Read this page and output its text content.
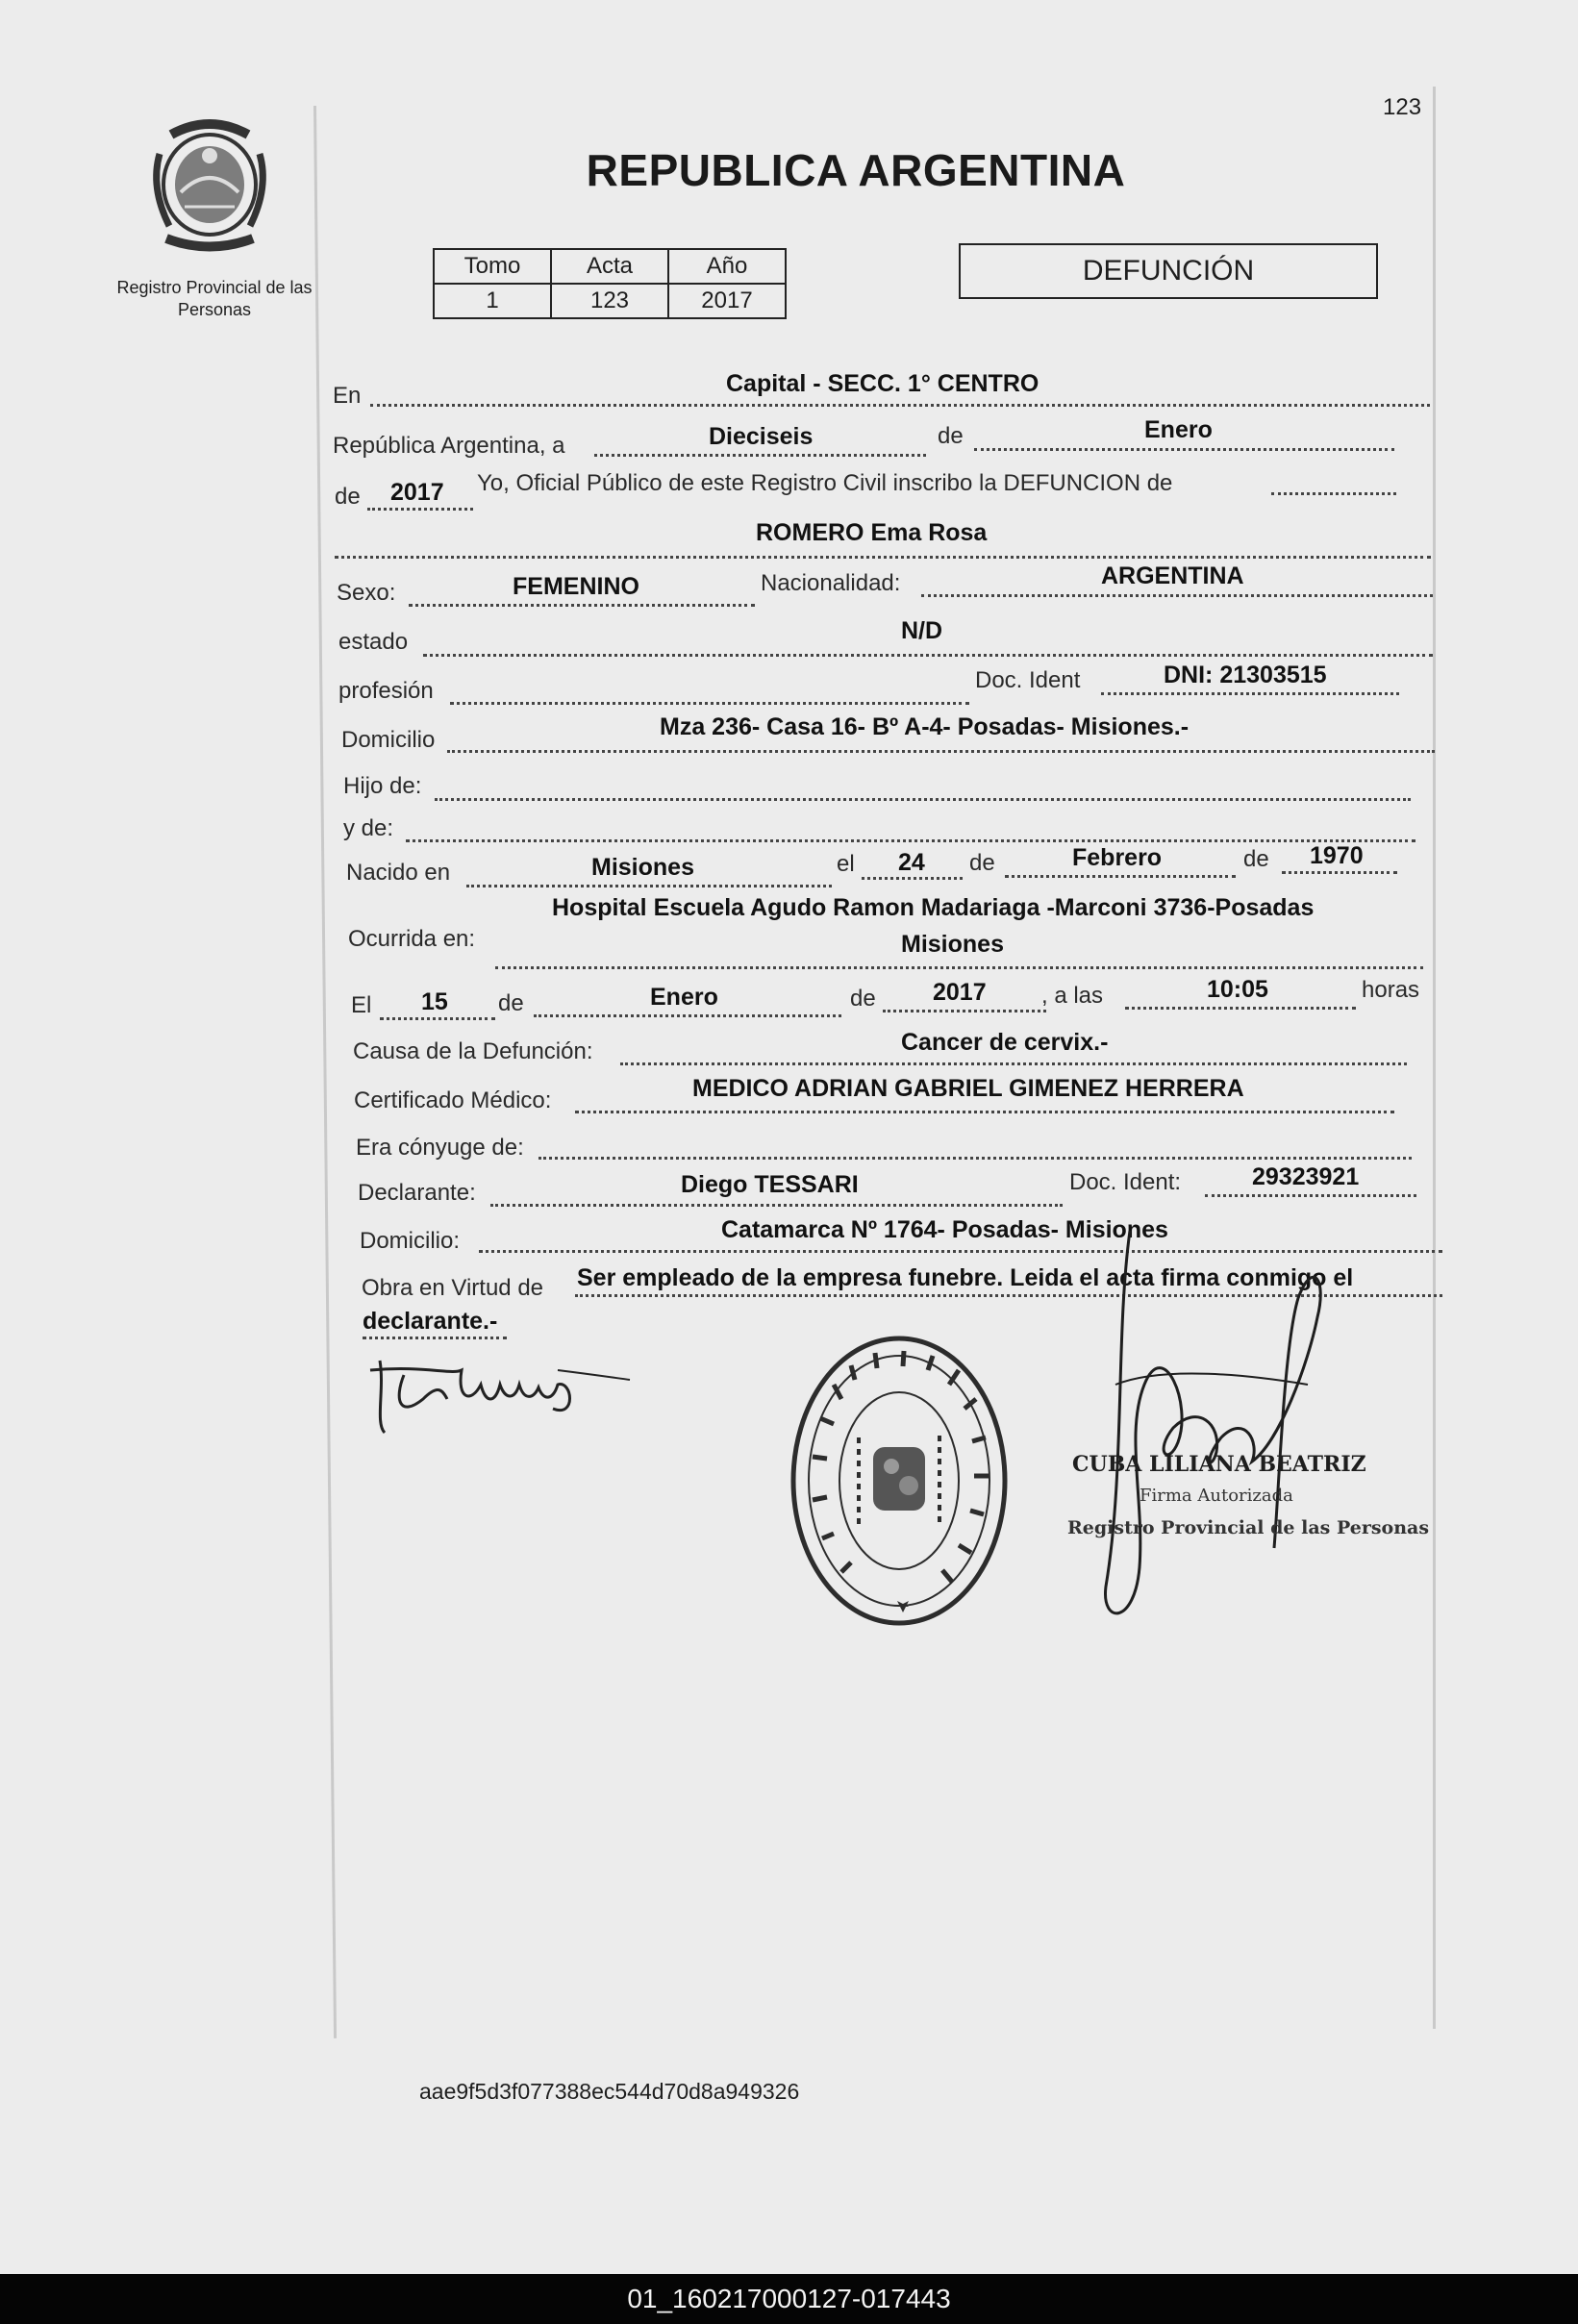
123
Registro Provincial de las Personas
REPUBLICA ARGENTINA
Tomo	Acta	Año
1	123	2017
DEFUNCIÓN
En	Capital - SECC. 1° CENTRO
República Argentina, a	Dieciseis	de	Enero
de 2017 Yo, Oficial Público de este Registro Civil inscribo la DEFUNCION de
ROMERO Ema Rosa
Sexo:	FEMENINO	Nacionalidad:	ARGENTINA
estado	N/D
profesión	Doc. Ident	DNI: 21303515
Domicilio	Mza 236- Casa 16- Bº A-4- Posadas- Misiones.-
Hijo de:
y de:
Nacido en	Misiones	el 24 de	Febrero	de 1970
Hospital Escuela Agudo Ramon Madariaga -Marconi 3736-Posadas
Ocurrida en:	Misiones
El 15 de	Enero	de 2017 , a las	10:05	horas
Causa de la Defunción:	Cancer de cervix.-
Certificado Médico:	MEDICO ADRIAN GABRIEL GIMENEZ HERRERA
Era cónyuge de:
Declarante:	Diego TESSARI	Doc. Ident:	29323921
Domicilio:	Catamarca Nº 1764- Posadas- Misiones
Obra en Virtud de Ser empleado de la empresa funebre. Leida el acta firma conmigo el
declarante.-
CUBA LILIANA BEATRIZ
Firma Autorizada
Registro Provincial de las Personas
aae9f5d3f077388ec544d70d8a949326
01_160217000127-017443
